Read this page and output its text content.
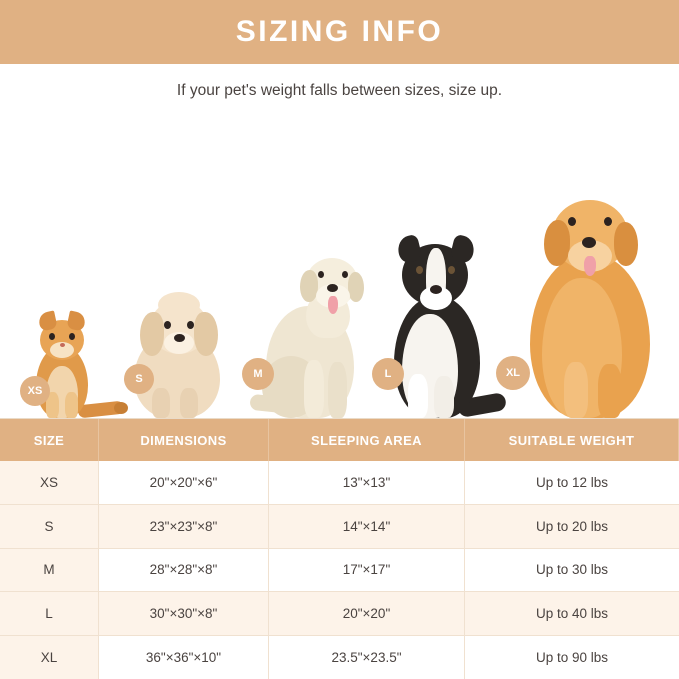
SIZING INFO
If your pet's weight falls between sizes, size up.
XS
S	M	L	XL
SIZE	DIMENSIONS	SLEEPING AREA	SUITABLE WEIGHT
XS	20"×20"×6"	13"×13"	Up to 12 lbs
S	23"×23"×8"	14"×14"	Up to 20 lbs
M	28"×28"×8"	17"×17"	Up to 30 lbs
L	30"×30"×8"	20"×20"	Up to 40 lbs
XL	36"×36"×10"	23.5"×23.5"	Up to 90 lbs
